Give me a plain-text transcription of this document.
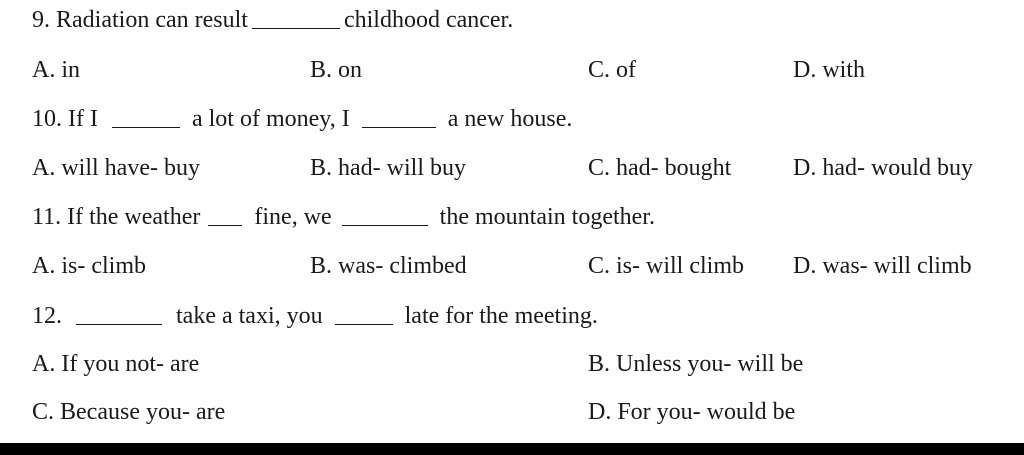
9. Radiation can result	childhood cancer.
A. in	B. on	C. of	D. with
10. If I	a lot of money, I	a new house.
A. will have- buy	B. had- will buy	C. had- bought	D. had- would buy
11. If the weather fine, we	the mountain together.
A. is- climb	B. was- climbed	C. is- will climb D. was- will climb
12.	take a taxi, you	late for the meeting.
A. If you not- are	B. Unless you- will be
C. Because you- are	D. For you- would be
